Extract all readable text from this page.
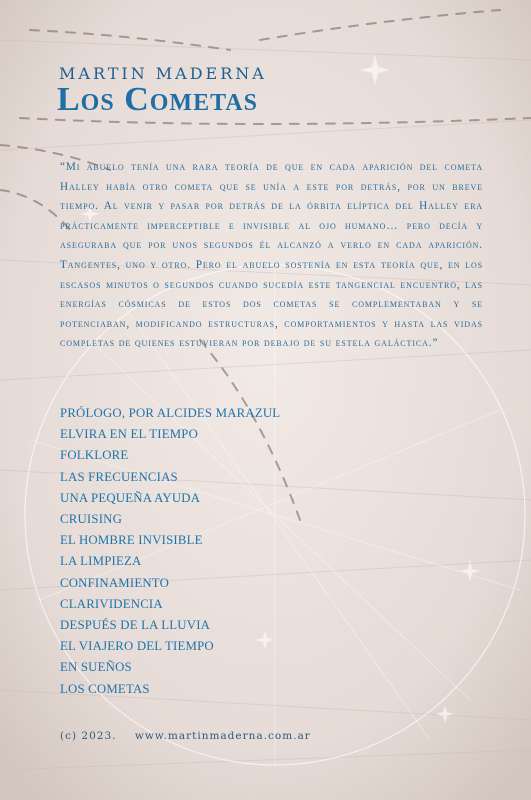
MARTIN MADERNA
Los Cometas

“Mi abuelo tenía una rara teoría de que en cada aparición del cometa Halley había otro cometa que se unía a este por detrás, por un breve tiempo. Al venir y pasar por detrás de la órbita elíptica del Halley era prácticamente imperceptible e invisible al ojo humano… pero decía y aseguraba que por unos segundos él alcanzó a verlo en cada aparición. Tangentes, uno y otro. Pero el abuelo sostenía en esta teoría que, en los escasos minutos o segundos cuando sucedía este tangencial encuentro, las energías cósmicas de estos dos cometas se complementaban y se potenciaban, modificando estructuras, comportamientos y hasta las vidas completas de quienes estuvieran por debajo de su estela galáctica.”

PRÓLOGO, POR ALCIDES MARAZUL
ELVIRA EN EL TIEMPO
FOLKLORE
LAS FRECUENCIAS
UNA PEQUEÑA AYUDA
CRUISING
EL HOMBRE INVISIBLE
LA LIMPIEZA
CONFINAMIENTO
CLARIVIDENCIA
DESPUÉS DE LA LLUVIA
EL VIAJERO DEL TIEMPO
EN SUEÑOS
LOS COMETAS
(c) 2023. www.martinmaderna.com.ar
